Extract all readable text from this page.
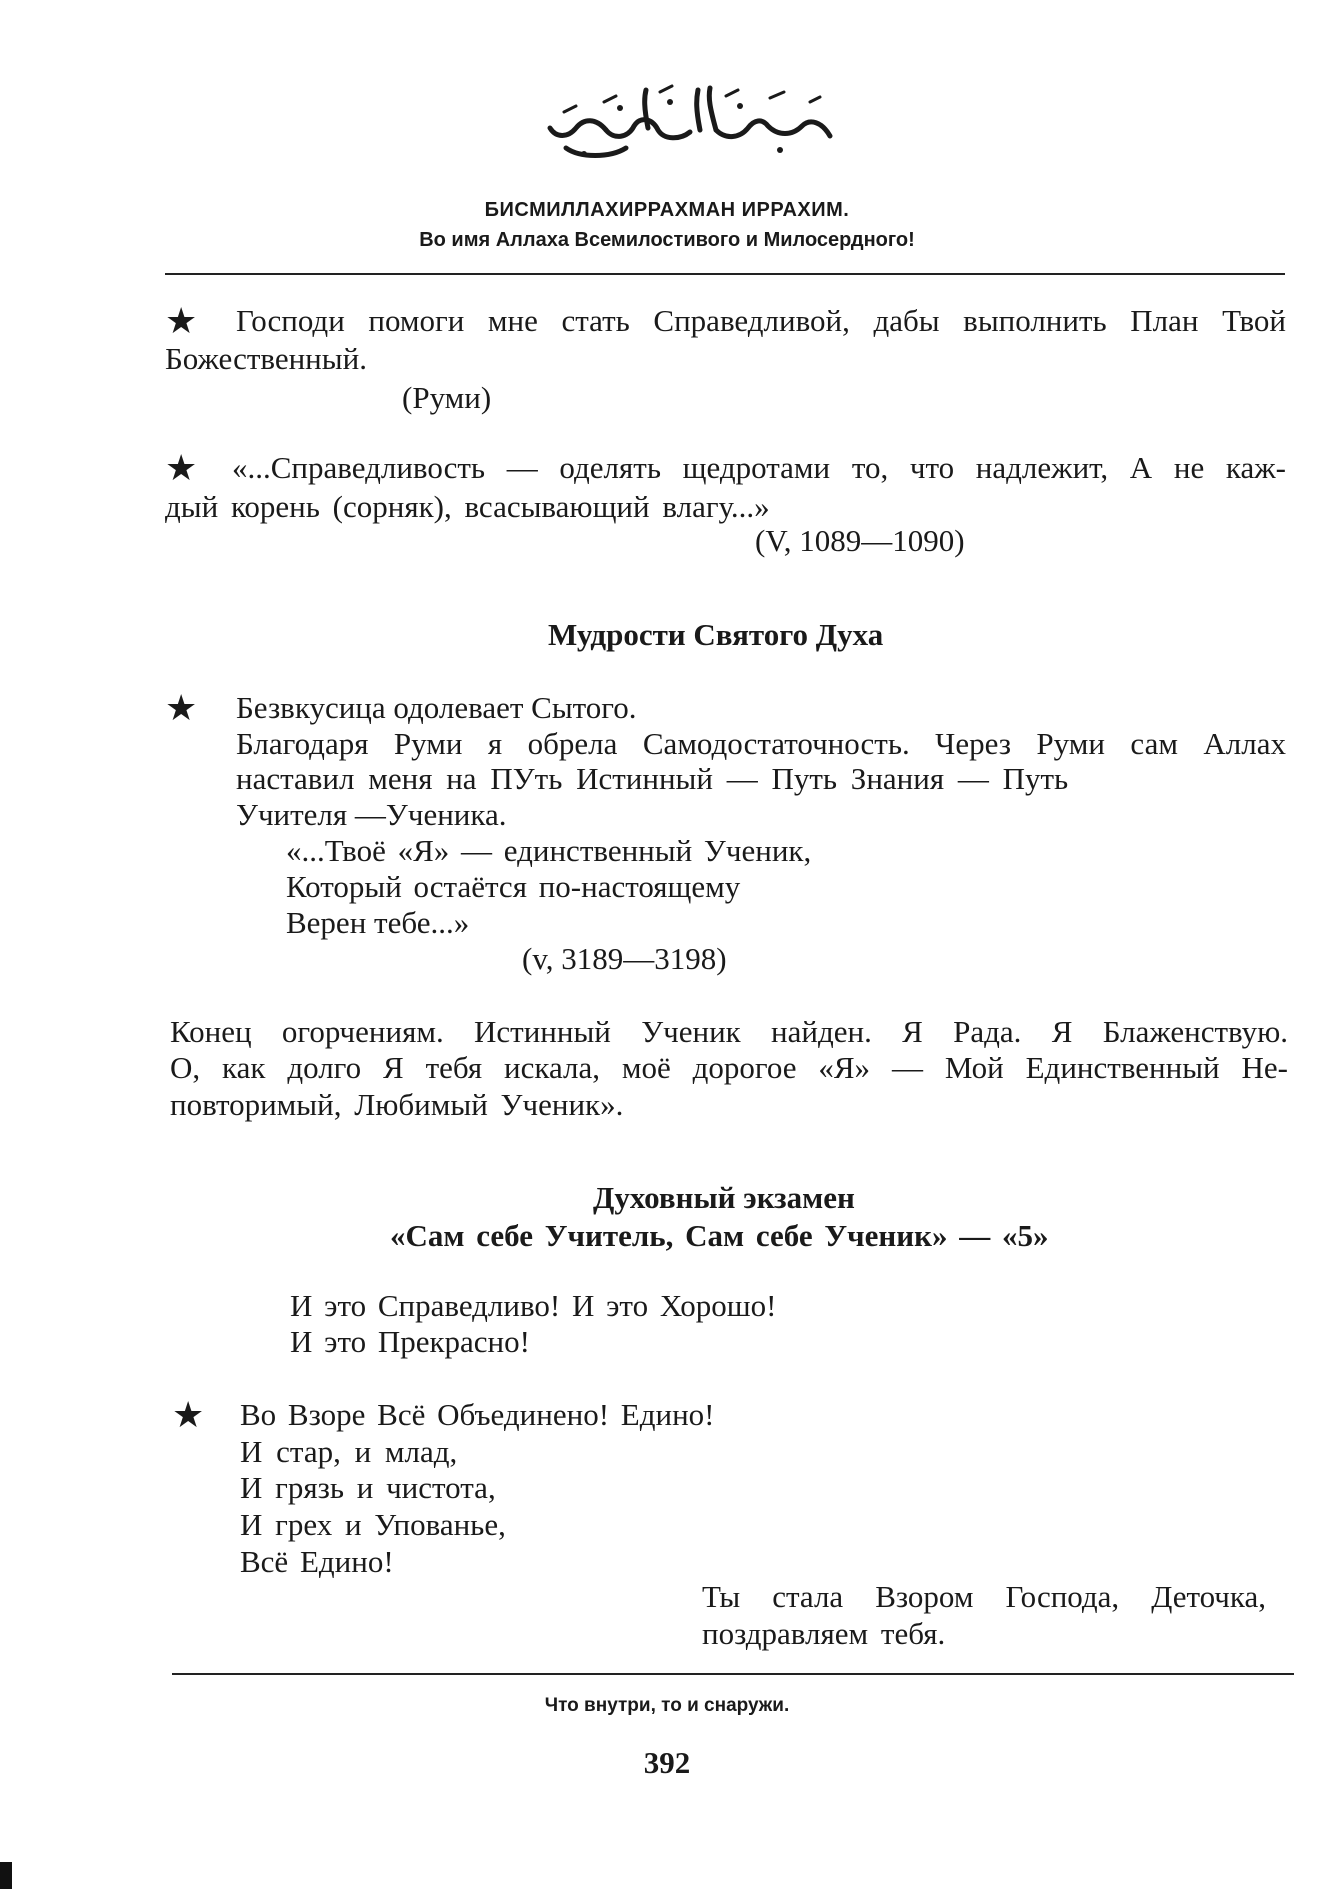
БИСМИЛЛАХИРРАХМАН ИРРАХИМ.
Во имя Аллаха Всемилостивого и Милосердного!
★ Господи помоги мне стать Справедливой, дабы выполнить План Твой
Божественный.
(Руми)
★ «...Справедливость — оделять щедротами то, что надлежит, А не каж-
дый корень (сорняк), всасывающий влагу...»
(V, 1089—1090)
Мудрости Святого Духа
★ Безвкусица одолевает Сытого.
Благодаря Руми я обрела Самодостаточность. Через Руми сам Аллах
наставил меня на ПУть Истинный — Путь Знания — Путь
Учителя —Ученика.
«...Твоё «Я» — единственный Ученик,
Который остаётся по-настоящему
Верен тебе...»
(v, 3189—3198)
Конец огорчениям. Истинный Ученик найден. Я Рада. Я Блаженствую.
О, как долго Я тебя искала, моё дорогое «Я» — Мой Единственный Не-
повторимый, Любимый Ученик».
Духовный экзамен
«Сам себе Учитель, Сам себе Ученик» — «5»
И это Справедливо! И это Хорошо!
И это Прекрасно!
★ Во Взоре Всё Объединено! Едино!
И стар, и млад,
И грязь и чистота,
И грех и Упованье,
Всё Едино!
Ты стала Взором Господа, Деточка,
поздравляем тебя.
Что внутри, то и снаружи.
392
